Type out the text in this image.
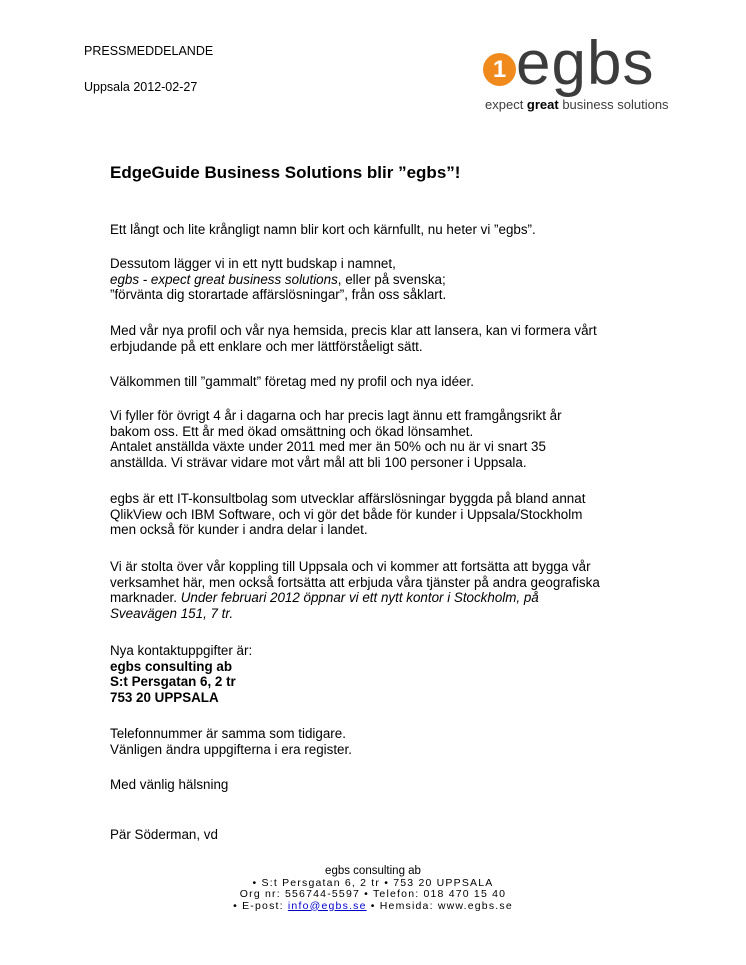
PRESSMEDDELANDE
Uppsala 2012-02-27
1 egbs
expect great business solutions
EdgeGuide Business Solutions blir ”egbs”!

Ett långt och lite krångligt namn blir kort och kärnfullt, nu heter vi ”egbs”.

Dessutom lägger vi in ett nytt budskap i namnet,

egbs - expect great business solutions, eller på svenska;

”förvänta dig storartade affärslösningar”, från oss såklart.

Med vår nya profil och vår nya hemsida, precis klar att lansera, kan vi formera vårt

erbjudande på ett enklare och mer lättförståeligt sätt.

Välkommen till ”gammalt” företag med ny profil och nya idéer.

Vi fyller för övrigt 4 år i dagarna och har precis lagt ännu ett framgångsrikt år

bakom oss. Ett år med ökad omsättning och ökad lönsamhet.

Antalet anställda växte under 2011 med mer än 50% och nu är vi snart 35

anställda. Vi strävar vidare mot vårt mål att bli 100 personer i Uppsala.

egbs är ett IT-konsultbolag som utvecklar affärslösningar byggda på bland annat

QlikView och IBM Software, och vi gör det både för kunder i Uppsala/Stockholm

men också för kunder i andra delar i landet.

Vi är stolta över vår koppling till Uppsala och vi kommer att fortsätta att bygga vår

verksamhet här, men också fortsätta att erbjuda våra tjänster på andra geografiska

marknader. Under februari 2012 öppnar vi ett nytt kontor i Stockholm, på

Sveavägen 151, 7 tr.

Nya kontaktuppgifter är:

egbs consulting ab

S:t Persgatan 6, 2 tr

753 20 UPPSALA

Telefonnummer är samma som tidigare.

Vänligen ändra uppgifterna i era register.

Med vänlig hälsning

Pär Söderman, vd

egbs consulting ab
• S:t Persgatan 6, 2 tr • 753 20 UPPSALA
Org nr: 556744-5597 • Telefon: 018 470 15 40
• E-post: info@egbs.se • Hemsida: www.egbs.se
